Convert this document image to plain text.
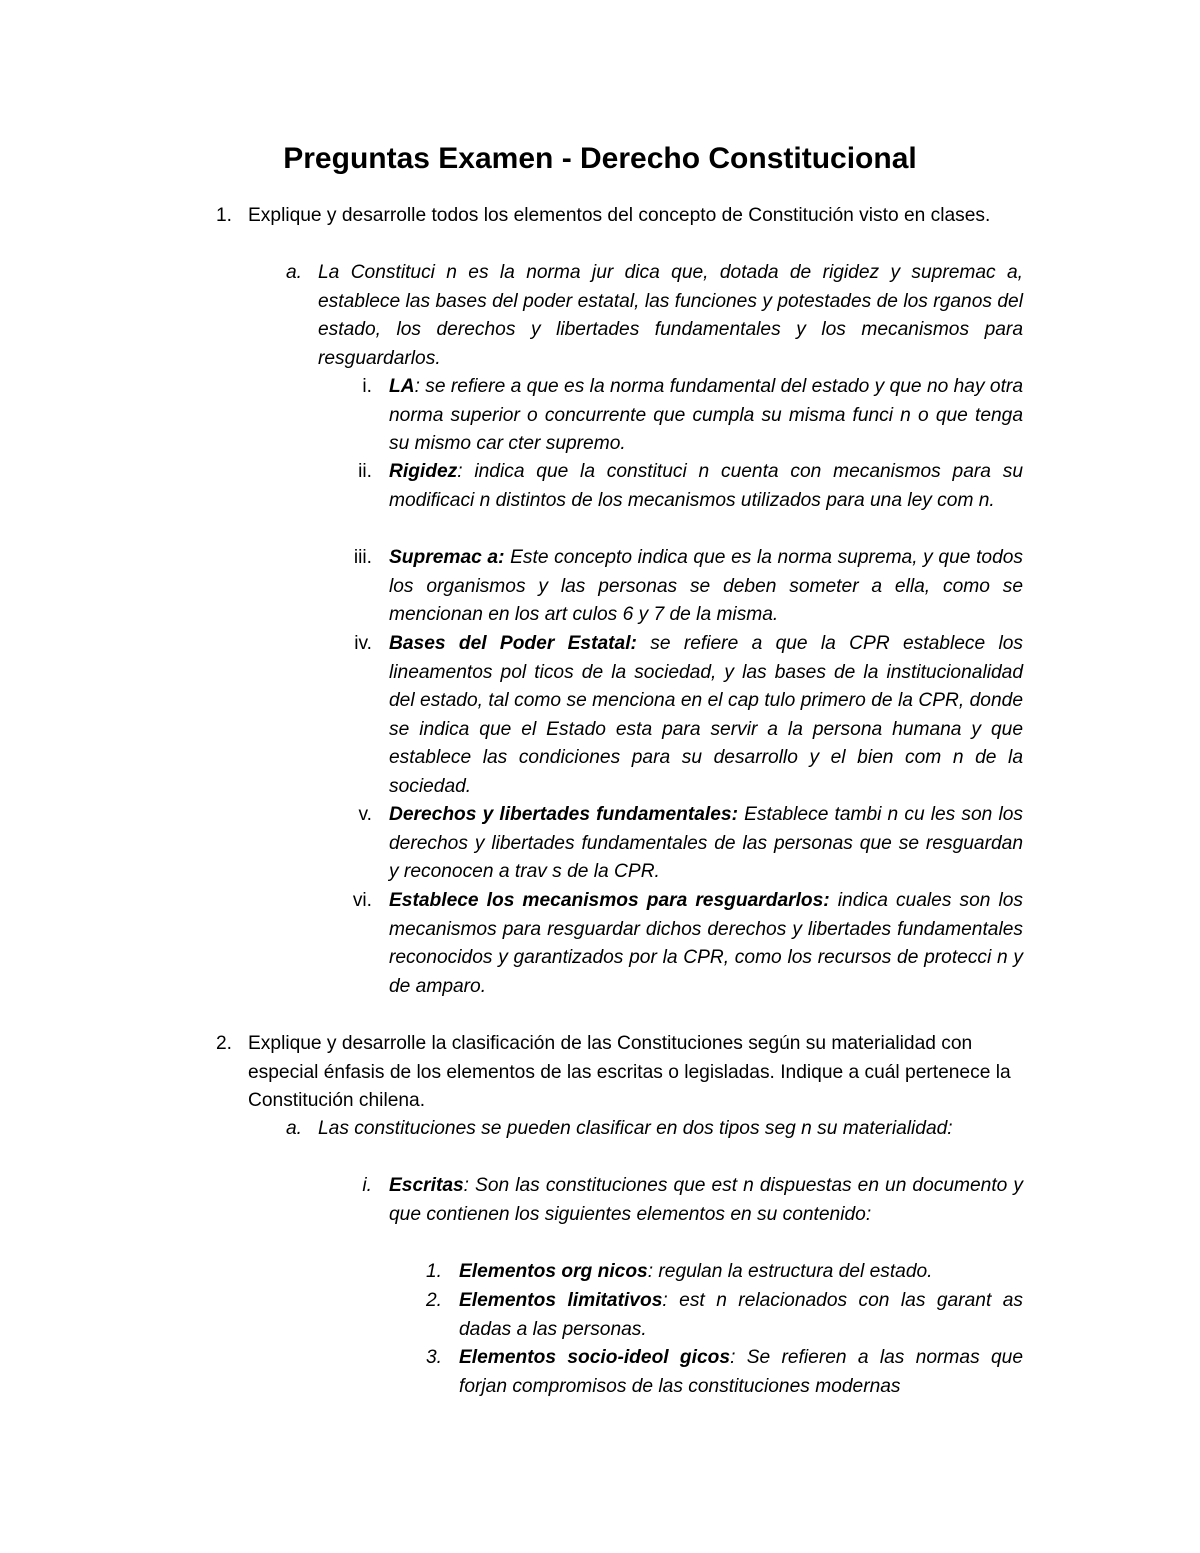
Preguntas Examen - Derecho Constitucional
1. Explique y desarrolle todos los elementos del concepto de Constitución visto en clases.
a. La Constituci n es la norma jur dica que, dotada de rigidez y supremac a, establece las bases del poder estatal, las funciones y potestades de los rganos del estado, los derechos y libertades fundamentales y los mecanismos para resguardarlos.
i. LA: se refiere a que es la norma fundamental del estado y que no hay otra norma superior o concurrente que cumpla su misma funci n o que tenga su mismo car cter supremo.
ii. Rigidez: indica que la constituci n cuenta con mecanismos para su modificaci n distintos de los mecanismos utilizados para una ley com n.
iii. Supremac a: Este concepto indica que es la norma suprema, y que todos los organismos y las personas se deben someter a ella, como se mencionan en los art culos 6 y 7 de la misma.
iv. Bases del Poder Estatal: se refiere a que la CPR establece los lineamentos pol ticos de la sociedad, y las bases de la institucionalidad del estado, tal como se menciona en el cap tulo primero de la CPR, donde se indica que el Estado esta para servir a la persona humana y que establece las condiciones para su desarrollo y el bien com n de la sociedad.
v. Derechos y libertades fundamentales: Establece tambi n cu les son los derechos y libertades fundamentales de las personas que se resguardan y reconocen a trav s de la CPR.
vi. Establece los mecanismos para resguardarlos: indica cuales son los mecanismos para resguardar dichos derechos y libertades fundamentales reconocidos y garantizados por la CPR, como los recursos de protecci n y de amparo.
2. Explique y desarrolle la clasificación de las Constituciones según su materialidad con especial énfasis de los elementos de las escritas o legisladas. Indique a cuál pertenece la Constitución chilena.
a. Las constituciones se pueden clasificar en dos tipos seg n su materialidad:
i. Escritas: Son las constituciones que est n dispuestas en un documento y que contienen los siguientes elementos en su contenido:
1. Elementos org nicos: regulan la estructura del estado.
2. Elementos limitativos: est n relacionados con las garant as dadas a las personas.
3. Elementos socio-ideol gicos: Se refieren a las normas que forjan compromisos de las constituciones modernas
